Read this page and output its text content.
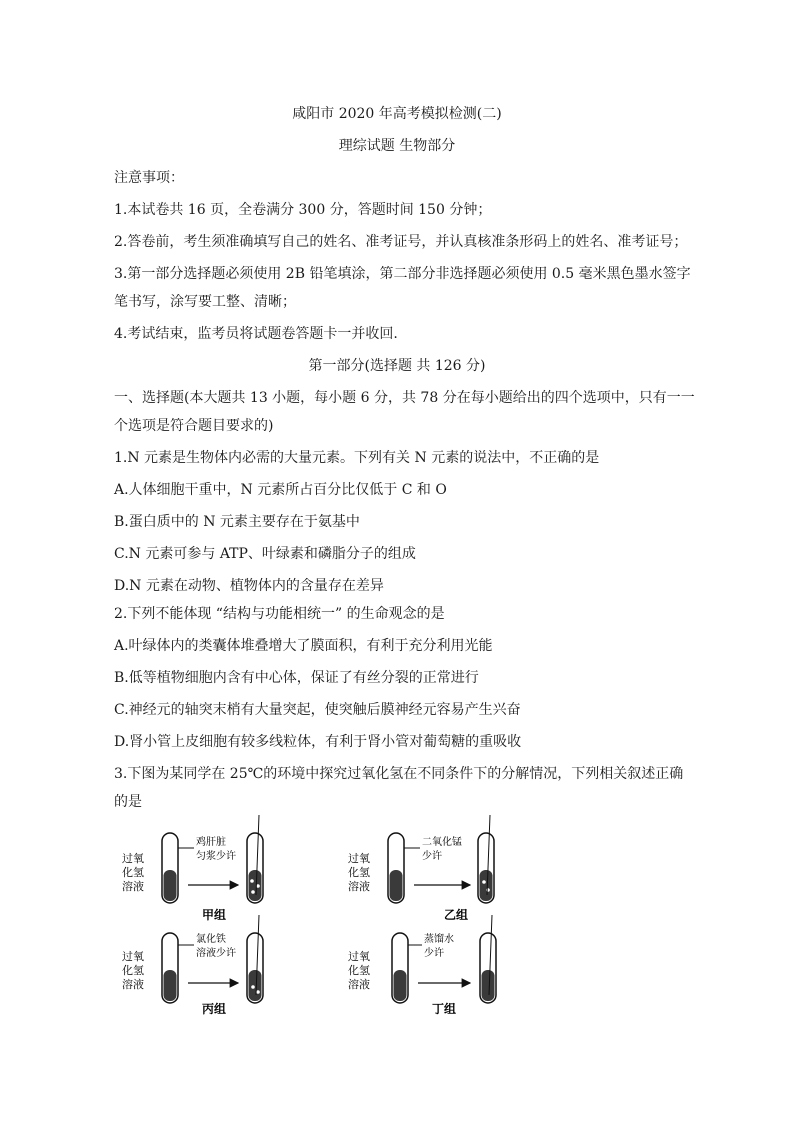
咸阳市 2020 年高考模拟检测(二)
理综试题 生物部分
注意事项：
1.本试卷共 16 页，全卷满分 300 分，答题时间 150 分钟；
2.答卷前，考生须准确填写自己的姓名、准考证号，并认真核准条形码上的姓名、准考证号；
3.第一部分选择题必须使用 2B 铅笔填涂，第二部分非选择题必须使用 0.5 毫米黑色墨水签字
笔书写，涂写要工整、清晰；
4.考试结束，监考员将试题卷答题卡一并收回.
第一部分(选择题 共 126 分)
一、选择题(本大题共 13 小题，每小题 6 分，共 78 分在每小题给出的四个选项中，只有一一
个选项是符合题目要求的)
1.N 元素是生物体内必需的大量元素。下列有关 N 元素的说法中，不正确的是
A.人体细胞干重中，N 元素所占百分比仅低于 C 和 O
B.蛋白质中的 N 元素主要存在于氨基中
C.N 元素可参与 ATP、叶绿素和磷脂分子的组成
D.N 元素在动物、植物体内的含量存在差异
2.下列不能体现 “结构与功能相统一” 的生命观念的是
A.叶绿体内的类囊体堆叠增大了膜面积，有利于充分利用光能
B.低等植物细胞内含有中心体，保证了有丝分裂的正常进行
C.神经元的轴突末梢有大量突起，使突触后膜神经元容易产生兴奋
D.肾小管上皮细胞有较多线粒体，有利于肾小管对葡萄糖的重吸收
3.下图为某同学在 25℃的环境中探究过氧化氢在不同条件下的分解情况，下列相关叙述正确
的是
过氧
化氢
溶液
鸡肝脏
匀浆少许
甲组
过氧
化氢
溶液
二氧化锰
少许
乙组
过氧
化氢
溶液
氯化铁
溶液少许
丙组
过氧
化氢
溶液
蒸馏水
少许
丁组
